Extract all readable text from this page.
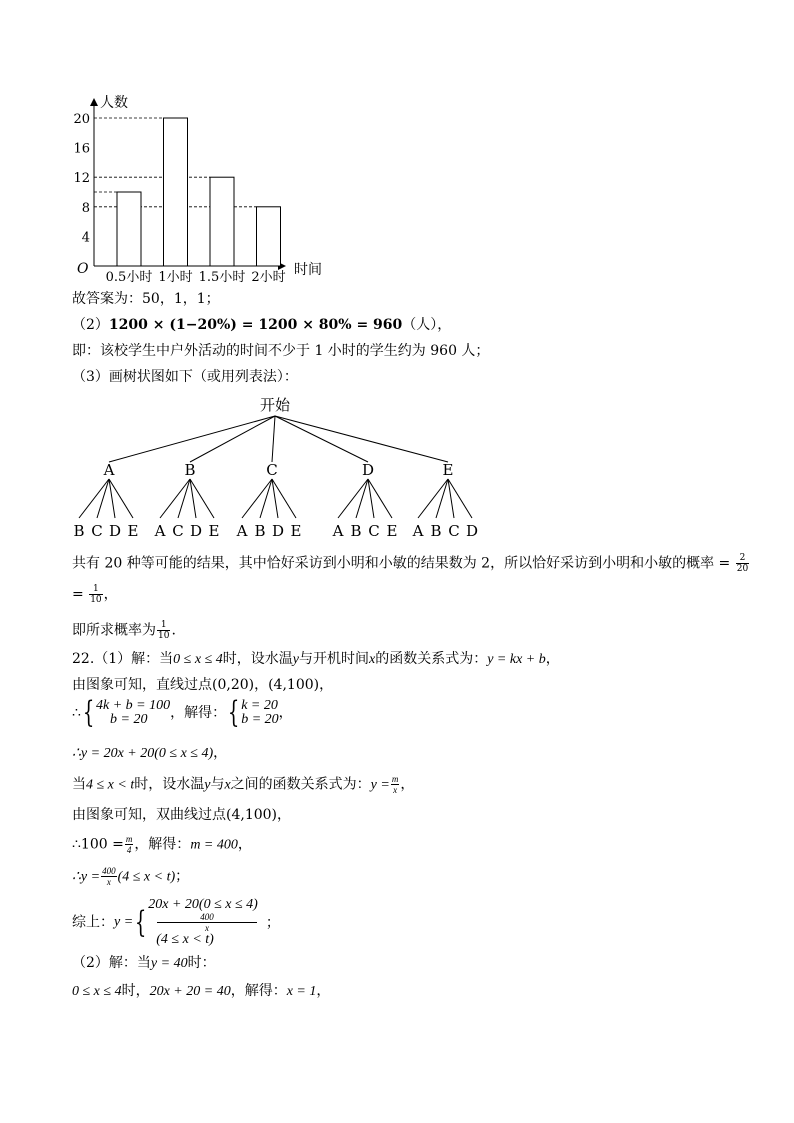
4
8
12
16
20
0.5小时 1小时 1.5小时 2小时
人数
时间
O
故答案为：50，1，1；
（2）1200 × (1−20%) = 1200 × 80% = 960（人），
即：该校学生中户外活动的时间不少于 1 小时的学生约为 960 人；
（3）画树状图如下（或用列表法）：
开始
A
B C D E
B
A C D E
C
A B D E
D
A B C E
E
A B C D
共有 20 种等可能的结果，其中恰好采访到小明和小敏的结果数为 2，所以恰好采访到小明和小敏的概率 = $\frac{2}{20}$
= $\frac{1}{10}$ ，
即所求概率为 $\frac{1}{10}$ .
22.（1）解：当0 ≤ x ≤ 4时，设水温y与开机时间x的函数关系式为：y = kx + b，
由图象可知，直线过点(0,20)，(4,100)，
∴{ 4k + b = 100
b = 20	，解得：{ k = 20
b = 20 ，
∴y = 20x + 20(0 ≤ x ≤ 4)，
当4 ≤ x < t时，设水温y与x之间的函数关系式为：$y = \frac{m}{x}$ ，
由图象可知，双曲线过点(4,100)，
∴100 = $\frac{m}{4}$ ，解得：m = 400，
∴y = $\frac{400}{x} (4 \le x < t)$；
综上：y ={ 20x + 20(0 ≤ x ≤ 4)
400
x
(4 ≤ x < t)
；
（2）解：当y = 40时：
0 ≤ x ≤ 4时，20x + 20 = 40，解得：x = 1，
